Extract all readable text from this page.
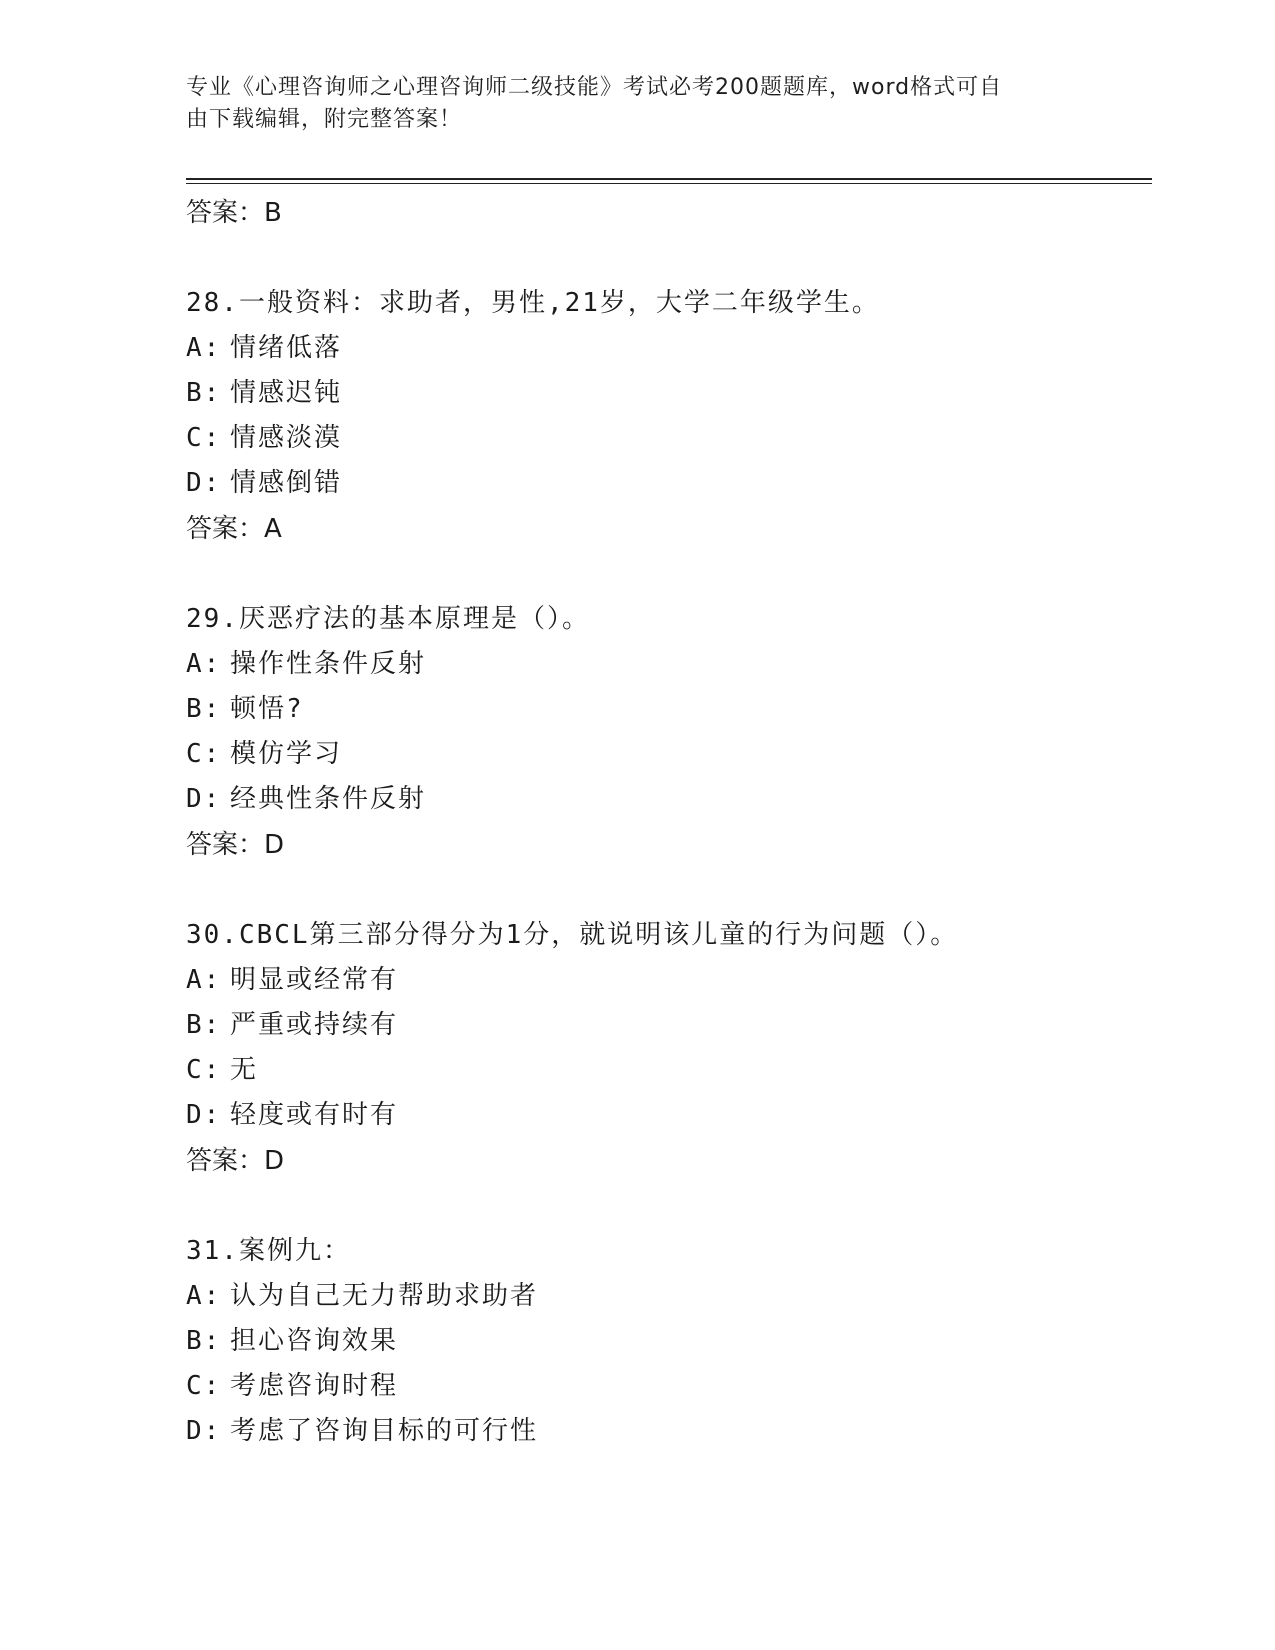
专业《心理咨询师之心理咨询师二级技能》考试必考200题题库，word格式可自
由下载编辑，附完整答案！
答案：B
28.一般资料：求助者，男性,21岁，大学二年级学生。
A: 情绪低落
B: 情感迟钝
C: 情感淡漠
D: 情感倒错
答案：A
29.厌恶疗法的基本原理是（）。
A: 操作性条件反射
B: 顿悟?
C: 模仿学习
D: 经典性条件反射
答案：D
30.CBCL第三部分得分为1分，就说明该儿童的行为问题（）。
A: 明显或经常有
B: 严重或持续有
C: 无
D: 轻度或有时有
答案：D
31.案例九：
A: 认为自己无力帮助求助者
B: 担心咨询效果
C: 考虑咨询时程
D: 考虑了咨询目标的可行性
